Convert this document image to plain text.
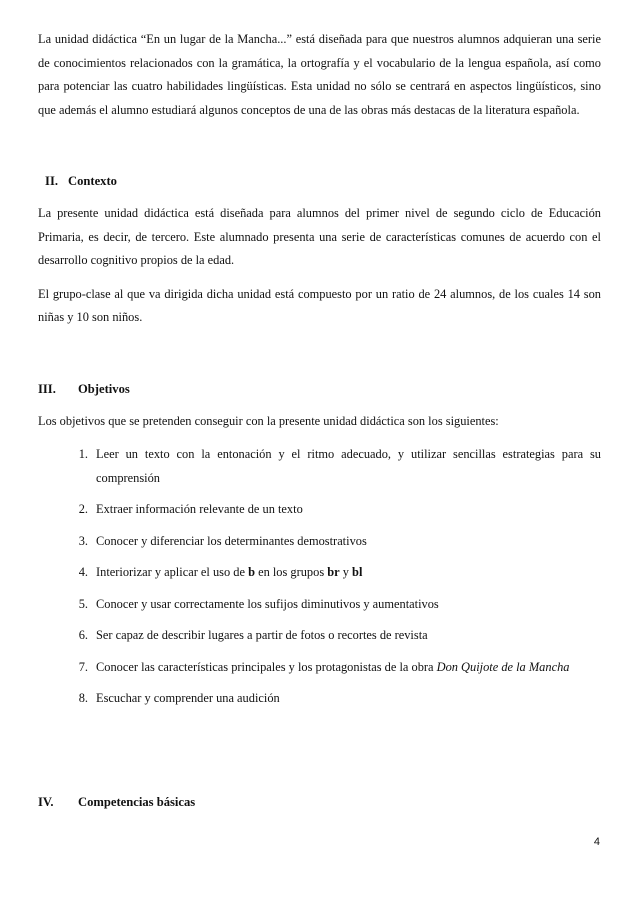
La unidad didáctica “En un lugar de la Mancha...” está diseñada para que nuestros alumnos adquieran una serie de conocimientos relacionados con la gramática, la ortografía y el vocabulario de la lengua española, así como para potenciar las cuatro habilidades lingüísticas. Esta unidad no sólo se centrará en aspectos lingüísticos, sino que además el alumno estudiará algunos conceptos de una de las obras más destacas de la literatura española.

II. Contexto

La presente unidad didáctica está diseñada para alumnos del primer nivel de segundo ciclo de Educación Primaria, es decir, de tercero. Este alumnado presenta una serie de características comunes de acuerdo con el desarrollo cognitivo propios de la edad.

El grupo-clase al que va dirigida dicha unidad está compuesto por un ratio de 24 alumnos, de los cuales 14 son niñas y 10 son niños.

III.	Objetivos

Los objetivos que se pretenden conseguir con la presente unidad didáctica son los siguientes:

1. Leer un texto con la entonación y el ritmo adecuado, y utilizar sencillas estrategias para su comprensión
2. Extraer información relevante de un texto
3. Conocer y diferenciar los determinantes demostrativos
4. Interiorizar y aplicar el uso de b en los grupos br y bl
5. Conocer y usar correctamente los sufijos diminutivos y aumentativos
6. Ser capaz de describir lugares a partir de fotos o recortes de revista
7. Conocer las características principales y los protagonistas de la obra Don Quijote de la Mancha
8. Escuchar y comprender una audición
IV.	Competencias básicas
4
